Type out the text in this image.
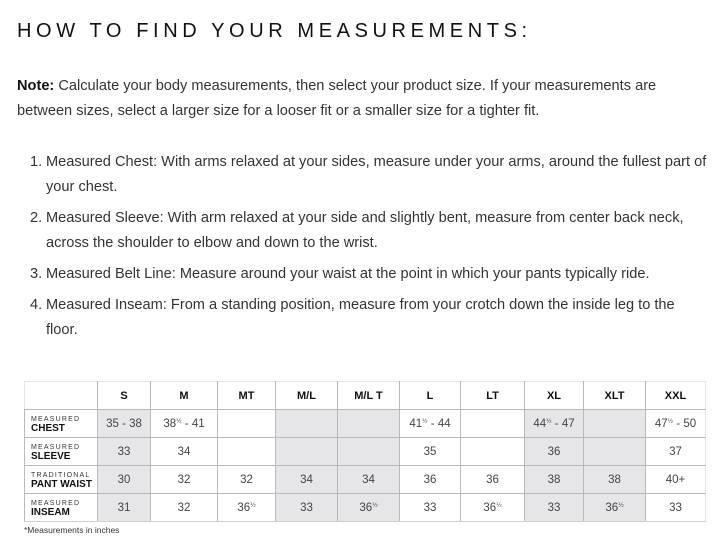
HOW TO FIND YOUR MEASUREMENTS:

Note: Calculate your body measurements, then select your product size. If your measurements are between sizes, select a larger size for a looser fit or a smaller size for a tighter fit.

1. Measured Chest: With arms relaxed at your sides, measure under your arms, around the fullest part of your chest.
2. Measured Sleeve: With arm relaxed at your side and slightly bent, measure from center back neck, across the shoulder to elbow and down to the wrist.
3. Measured Belt Line: Measure around your waist at the point in which your pants typically ride.
4. Measured Inseam: From a standing position, measure from your crotch down the inside leg to the floor.
	S	M	MT	M/L	M/L T	L	LT	XL	XLT	XXL

MEASURED
CHEST	35 - 38	$38^{\frac{1}{2}} - 41$				$41^{\frac{1}{2}} - 44$		$44^{\frac{1}{2}} - 47$		$47^{\frac{1}{2}} - 50$

MEASURED
SLEEVE	33	34				35		36		37

TRADITIONAL
PANT WAIST	30	32	32	34	34	36	36	38	38	40+

MEASURED
INSEAM	31	32	$36^{\frac{1}{2}}$	33	$36^{\frac{1}{2}}$	33	$36^{\frac{1}{2}}$	33	$36^{\frac{1}{2}}$	33
*Measurements in inches
